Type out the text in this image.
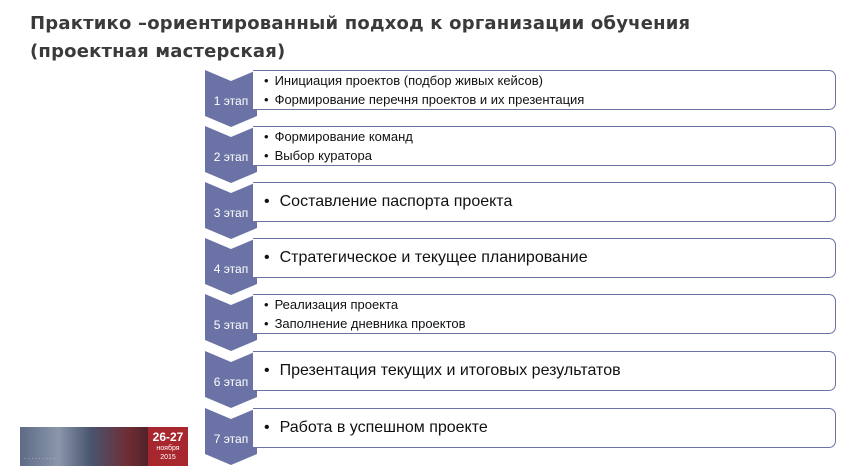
Практико –ориентированный подход к организации обучения
(проектная мастерская)
1 этап
• Инициация проектов (подбор живых кейсов)
• Формирование перечня проектов и их презентация
2 этап
• Формирование команд
• Выбор куратора
3 этап
• Составление паспорта проекта
4 этап
• Стратегическое и текущее планирование
5 этап
• Реализация проекта
• Заполнение дневника проектов
6 этап
• Презентация текущих и итоговых результатов
7 этап
• Работа в успешном проекте
· · · · · · · · ·
26-27
ноября
2015
